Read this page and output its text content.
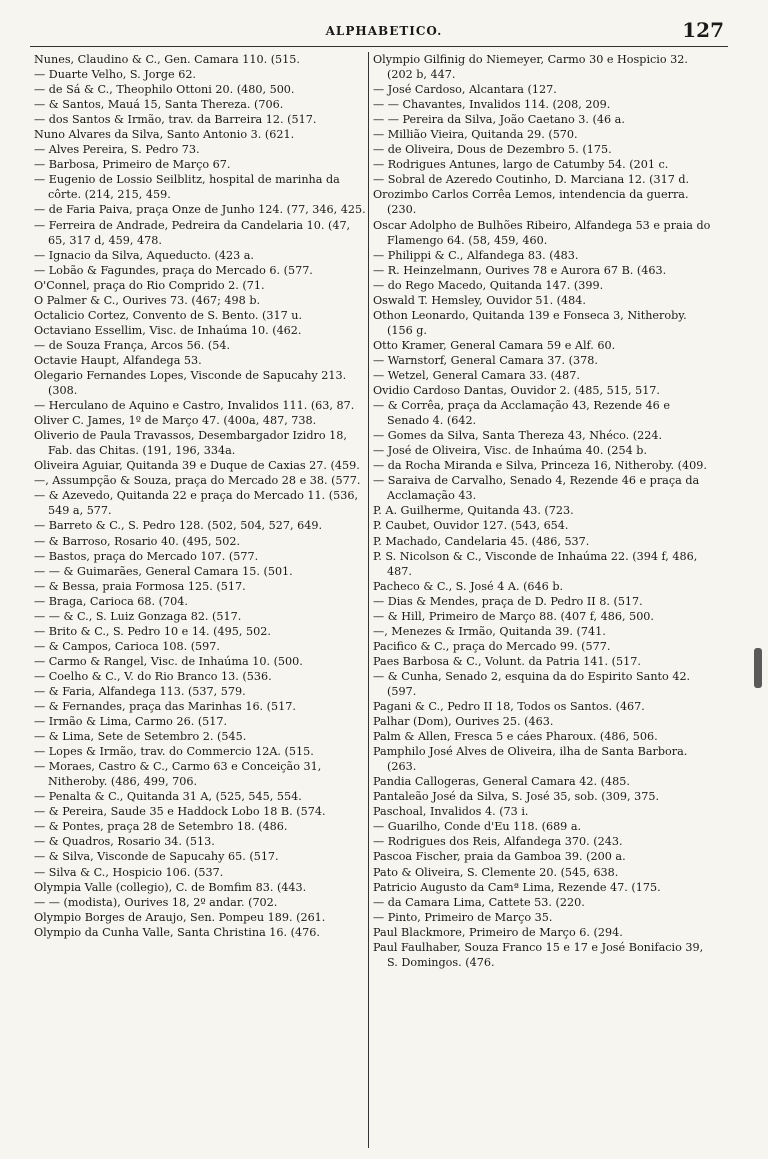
ALPHABETICO.	127
Nunes, Claudino & C., Gen. Camara 110. (515.
— Duarte Velho, S. Jorge 62.
— de Sá & C., Theophilo Ottoni 20. (480, 500.
— & Santos, Mauá 15, Santa Thereza. (706.
— dos Santos & Irmão, trav. da Barreira 12. (517.
Nuno Alvares da Silva, Santo Antonio 3. (621.
— Alves Pereira, S. Pedro 73.
— Barbosa, Primeiro de Março 67.
— Eugenio de Lossio Seilblitz, hospital de marinha da côrte. (214, 215, 459.
— de Faria Paiva, praça Onze de Junho 124. (77, 346, 425.
— Ferreira de Andrade, Pedreira da Candelaria 10. (47, 65, 317 d, 459, 478.
— Ignacio da Silva, Aqueducto. (423 a.
— Lobão & Fagundes, praça do Mercado 6. (577.
O'Connel, praça do Rio Comprido 2. (71.
O Palmer & C., Ourives 73. (467; 498 b.
Octalicio Cortez, Convento de S. Bento. (317 u.
Octaviano Essellim, Visc. de Inhaúma 10. (462.
— de Souza França, Arcos 56. (54.
Octavie Haupt, Alfandega 53.
Olegario Fernandes Lopes, Visconde de Sapucahy 213. (308.
— Herculano de Aquino e Castro, Invalidos 111. (63, 87.
Oliver C. James, 1º de Março 47. (400a, 487, 738.
Oliverio de Paula Travassos, Desembargador Izidro 18, Fab. das Chitas. (191, 196, 334a.
Oliveira Aguiar, Quitanda 39 e Duque de Caxias 27. (459.
—, Assumpção & Souza, praça do Mercado 28 e 38. (577.
— & Azevedo, Quitanda 22 e praça do Mercado 11. (536, 549 a, 577.
— Barreto & C., S. Pedro 128. (502, 504, 527, 649.
— & Barroso, Rosario 40. (495, 502.
— Bastos, praça do Mercado 107. (577.
— — & Guimarães, General Camara 15. (501.
— & Bessa, praia Formosa 125. (517.
— Braga, Carioca 68. (704.
— — & C., S. Luiz Gonzaga 82. (517.
— Brito & C., S. Pedro 10 e 14. (495, 502.
— & Campos, Carioca 108. (597.
— Carmo & Rangel, Visc. de Inhaúma 10. (500.
— Coelho & C., V. do Rio Branco 13. (536.
— & Faria, Alfandega 113. (537, 579.
— & Fernandes, praça das Marinhas 16. (517.
— Irmão & Lima, Carmo 26. (517.
— & Lima, Sete de Setembro 2. (545.
— Lopes & Irmão, trav. do Commercio 12A. (515.
— Moraes, Castro & C., Carmo 63 e Conceição 31, Nitheroby. (486, 499, 706.
— Penalta & C., Quitanda 31 A, (525, 545, 554.
— & Pereira, Saude 35 e Haddock Lobo 18 B. (574.
— & Pontes, praça 28 de Setembro 18. (486.
— & Quadros, Rosario 34. (513.
— & Silva, Visconde de Sapucahy 65. (517.
— Silva & C., Hospicio 106. (537.
Olympia Valle (collegio), C. de Bomfim 83. (443.
— — (modista), Ourives 18, 2º andar. (702.
Olympio Borges de Araujo, Sen. Pompeu 189. (261.
Olympio da Cunha Valle, Santa Christina 16. (476.
Olympio Gilfinig do Niemeyer, Carmo 30 e Hospicio 32. (202 b, 447.
— José Cardoso, Alcantara (127.
— — Chavantes, Invalidos 114. (208, 209.
— — Pereira da Silva, João Caetano 3. (46 a.
— Millião Vieira, Quitanda 29. (570.
— de Oliveira, Dous de Dezembro 5. (175.
— Rodrigues Antunes, largo de Catumby 54. (201 c.
— Sobral de Azeredo Coutinho, D. Marciana 12. (317 d.
Orozimbo Carlos Corrêa Lemos, intendencia da guerra. (230.
Oscar Adolpho de Bulhões Ribeiro, Alfandega 53 e praia do Flamengo 64. (58, 459, 460.
— Philippi & C., Alfandega 83. (483.
— R. Heinzelmann, Ourives 78 e Aurora 67 B. (463.
— do Rego Macedo, Quitanda 147. (399.
Oswald T. Hemsley, Ouvidor 51. (484.
Othon Leonardo, Quitanda 139 e Fonseca 3, Nitheroby. (156 g.
Otto Kramer, General Camara 59 e Alf. 60.
— Warnstorf, General Camara 37. (378.
— Wetzel, General Camara 33. (487.
Ovidio Cardoso Dantas, Ouvidor 2. (485, 515, 517.
— & Corrêa, praça da Acclamação 43, Rezende 46 e Senado 4. (642.
— Gomes da Silva, Santa Thereza 43, Nhéco. (224.
— José de Oliveira, Visc. de Inhaúma 40. (254 b.
— da Rocha Miranda e Silva, Princeza 16, Nitheroby. (409.
— Saraiva de Carvalho, Senado 4, Rezende 46 e praça da Acclamação 43.
P. A. Guilherme, Quitanda 43. (723.
P. Caubet, Ouvidor 127. (543, 654.
P. Machado, Candelaria 45. (486, 537.
P. S. Nicolson & C., Visconde de Inhaúma 22. (394 f, 486, 487.
Pacheco & C., S. José 4 A. (646 b.
— Dias & Mendes, praça de D. Pedro II 8. (517.
— & Hill, Primeiro de Março 88. (407 f, 486, 500.
—, Menezes & Irmão, Quitanda 39. (741.
Pacifico & C., praça do Mercado 99. (577.
Paes Barbosa & C., Volunt. da Patria 141. (517.
— & Cunha, Senado 2, esquina da do Espirito Santo 42. (597.
Pagani & C., Pedro II 18, Todos os Santos. (467.
Palhar (Dom), Ourives 25. (463.
Palm & Allen, Fresca 5 e cáes Pharoux. (486, 506.
Pamphilo José Alves de Oliveira, ilha de Santa Barbora. (263.
Pandia Callogeras, General Camara 42. (485.
Pantaleão José da Silva, S. José 35, sob. (309, 375.
Paschoal, Invalidos 4. (73 i.
— Guarilho, Conde d'Eu 118. (689 a.
— Rodrigues dos Reis, Alfandega 370. (243.
Pascoa Fischer, praia da Gamboa 39. (200 a.
Pato & Oliveira, S. Clemente 20. (545, 638.
Patricio Augusto da Camª Lima, Rezende 47. (175.
— da Camara Lima, Cattete 53. (220.
— Pinto, Primeiro de Março 35.
Paul Blackmore, Primeiro de Março 6. (294.
Paul Faulhaber, Souza Franco 15 e 17 e José Bonifacio 39, S. Domingos. (476.
